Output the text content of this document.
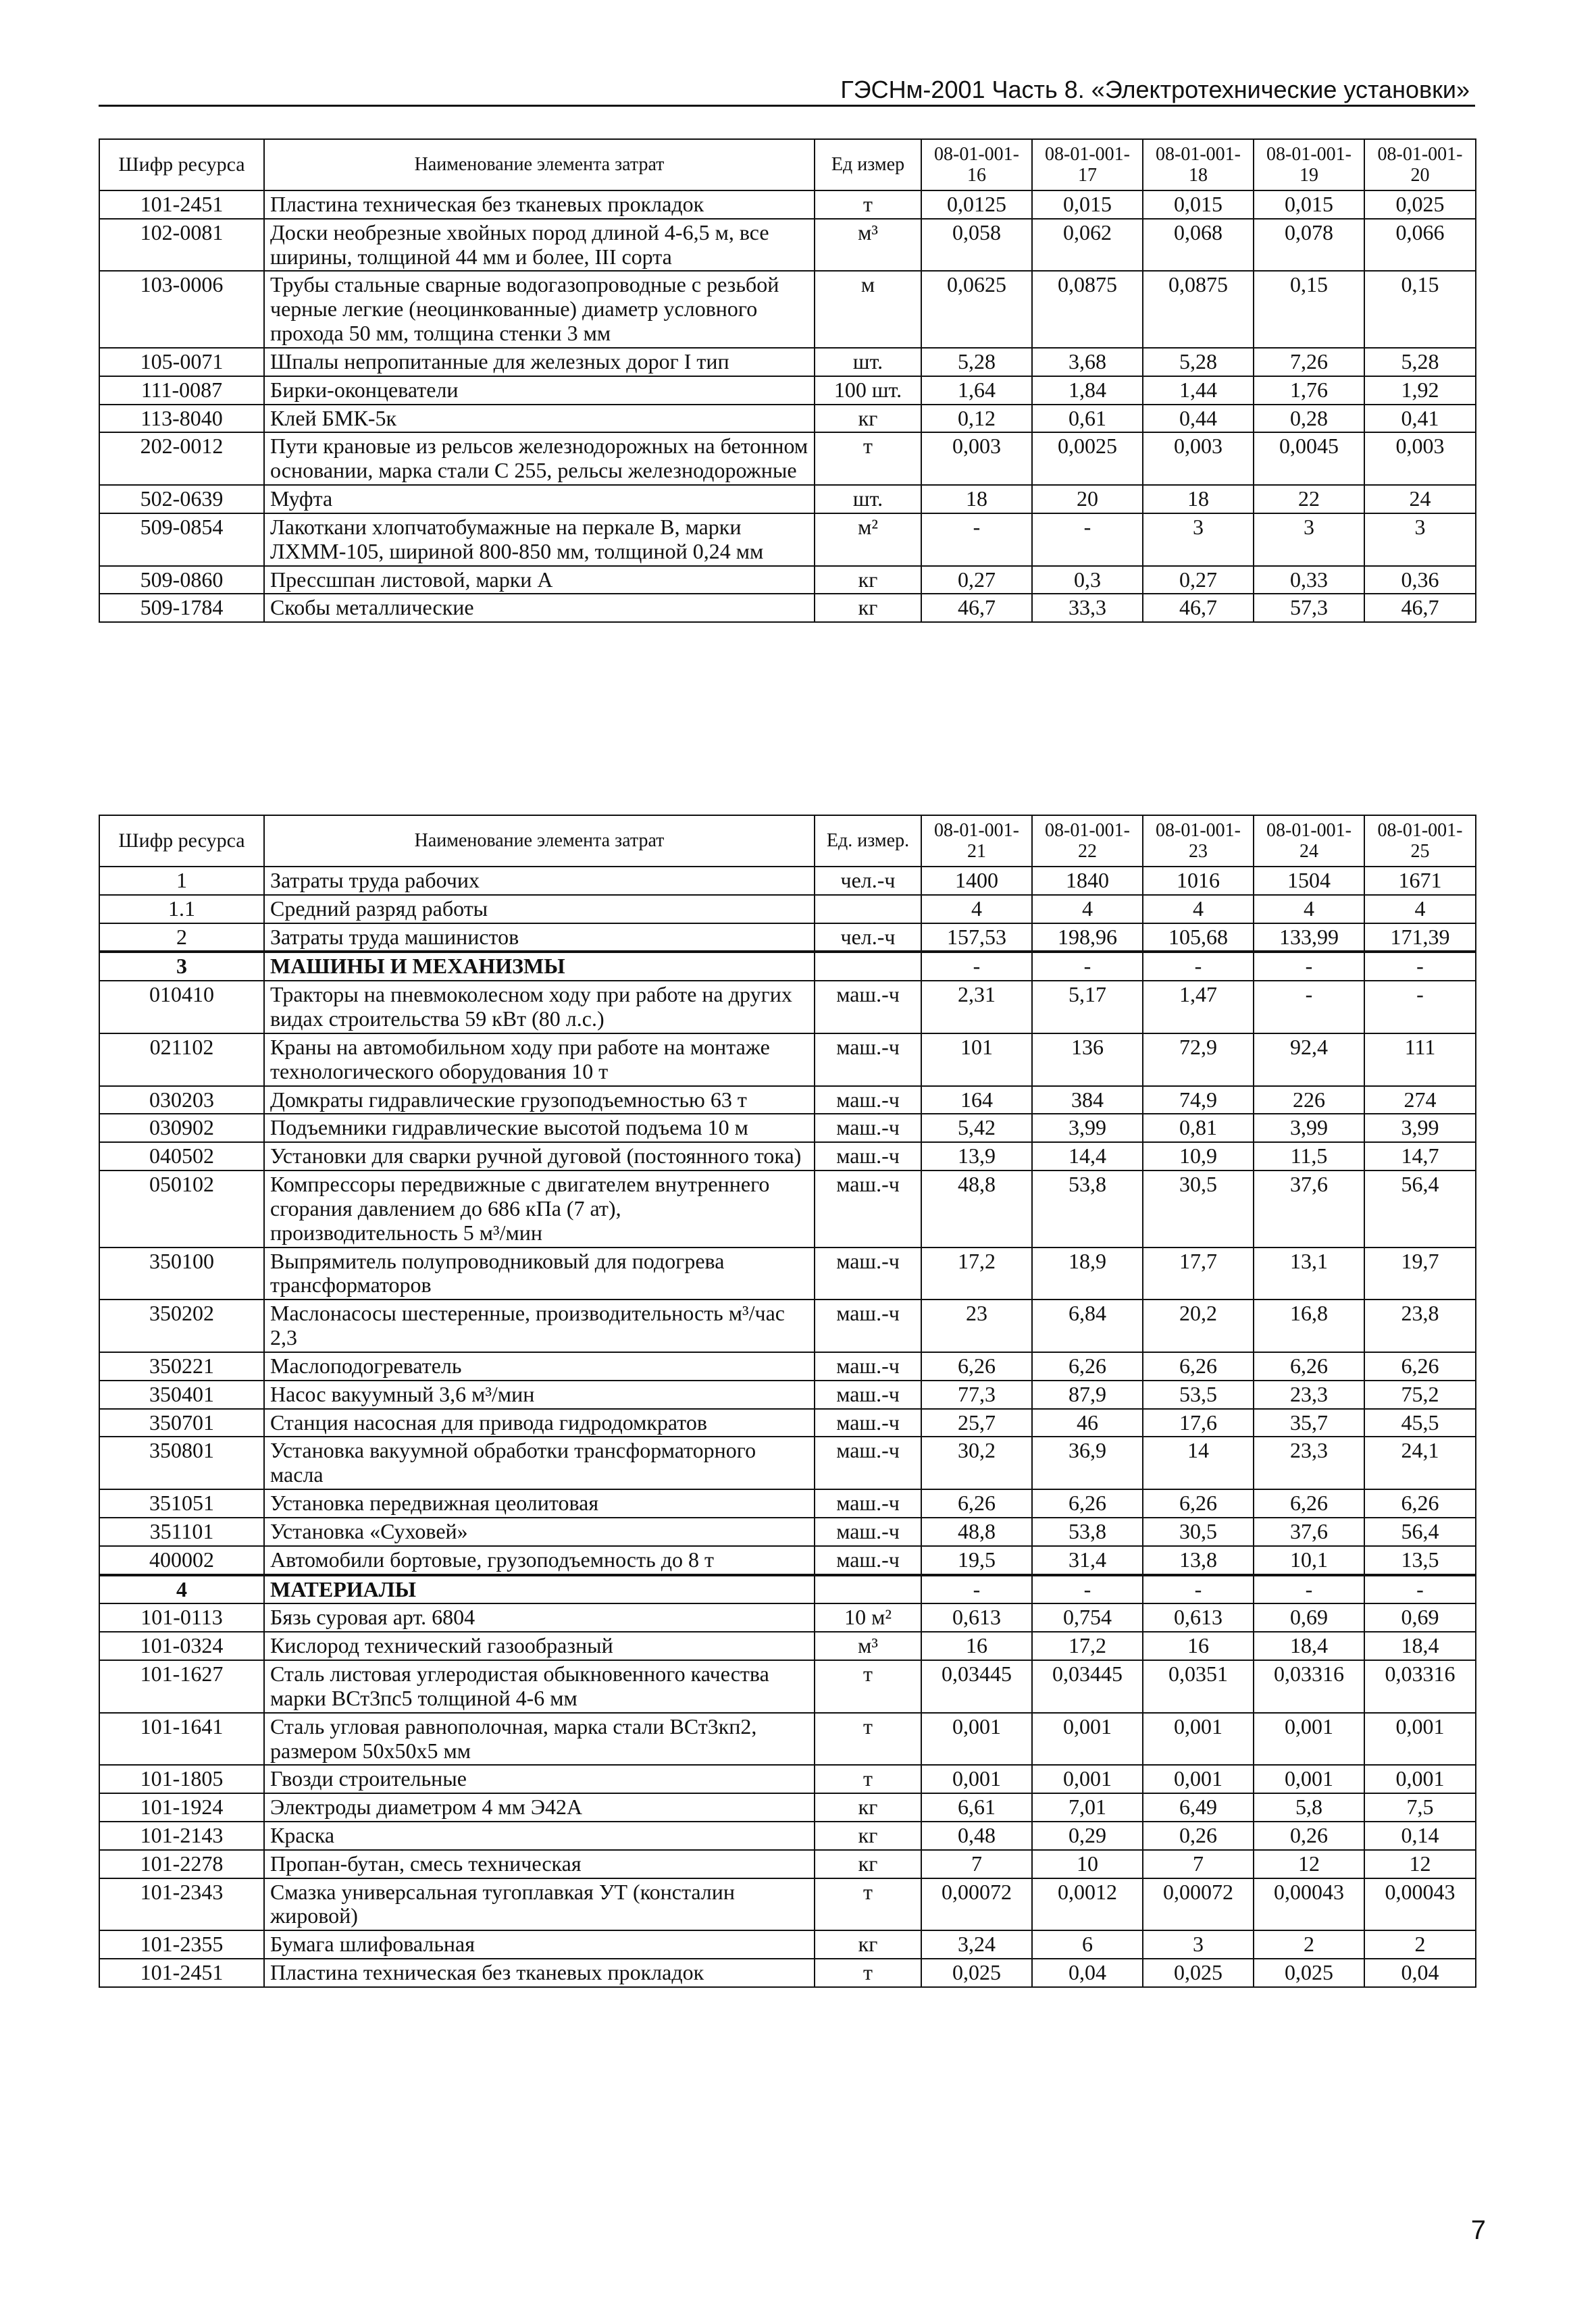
ГЭСНм-2001 Часть 8. «Электротехнические установки»
Шифр ресурса	Наименование элемента затрат	Ед измер	08-01-001-16	08-01-001-17	08-01-001-18	08-01-001-19	08-01-001-20
101-2451	Пластина техническая без тканевых прокладок	т	0,0125	0,015	0,015	0,015	0,025
102-0081	Доски необрезные хвойных пород длиной 4-6,5 м, все ширины, толщиной 44 мм и более, III сорта	м³	0,058	0,062	0,068	0,078	0,066
103-0006	Трубы стальные сварные водогазопроводные с резьбой черные легкие (неоцинкованные) диаметр условного прохода 50 мм, толщина стенки 3 мм	м	0,0625	0,0875	0,0875	0,15	0,15
105-0071	Шпалы непропитанные для железных дорог I тип	шт.	5,28	3,68	5,28	7,26	5,28
111-0087	Бирки-оконцеватели	100 шт.	1,64	1,84	1,44	1,76	1,92
113-8040	Клей БМК-5к	кг	0,12	0,61	0,44	0,28	0,41
202-0012	Пути крановые из рельсов железнодорожных на бетонном основании, марка стали С 255, рельсы железнодорожные	т	0,003	0,0025	0,003	0,0045	0,003
502-0639	Муфта	шт.	18	20	18	22	24
509-0854	Лакоткани хлопчатобумажные на перкале В, марки ЛХММ-105, шириной 800-850 мм, толщиной 0,24 мм	м²	-	-	3	3	3
509-0860	Прессшпан листовой, марки А	кг	0,27	0,3	0,27	0,33	0,36
509-1784	Скобы металлические	кг	46,7	33,3	46,7	57,3	46,7
Шифр ресурса	Наименование элемента затрат	Ед. измер.	08-01-001-21	08-01-001-22	08-01-001-23	08-01-001-24	08-01-001-25
1	Затраты труда рабочих	чел.-ч	1400	1840	1016	1504	1671
1.1	Средний разряд работы		4	4	4	4	4
2	Затраты труда машинистов	чел.-ч	157,53	198,96	105,68	133,99	171,39
3	МАШИНЫ И МЕХАНИЗМЫ		-	-	-	-	-
010410	Тракторы на пневмоколесном ходу при работе на других видах строительства 59 кВт (80 л.с.)	маш.-ч	2,31	5,17	1,47	-	-
021102	Краны на автомобильном ходу при работе на монтаже технологического оборудования 10 т	маш.-ч	101	136	72,9	92,4	111
030203	Домкраты гидравлические грузоподъемностью 63 т	маш.-ч	164	384	74,9	226	274
030902	Подъемники гидравлические высотой подъема 10 м	маш.-ч	5,42	3,99	0,81	3,99	3,99
040502	Установки для сварки ручной дуговой (постоянного тока)	маш.-ч	13,9	14,4	10,9	11,5	14,7
050102	Компрессоры передвижные с двигателем внутреннего сгорания давлением до 686 кПа (7 ат), производительность 5 м³/мин	маш.-ч	48,8	53,8	30,5	37,6	56,4
350100	Выпрямитель полупроводниковый для подогрева трансформаторов	маш.-ч	17,2	18,9	17,7	13,1	19,7
350202	Маслонасосы шестеренные, производительность м³/час 2,3	маш.-ч	23	6,84	20,2	16,8	23,8
350221	Маслоподогреватель	маш.-ч	6,26	6,26	6,26	6,26	6,26
350401	Насос вакуумный 3,6 м³/мин	маш.-ч	77,3	87,9	53,5	23,3	75,2
350701	Станция насосная для привода гидродомкратов	маш.-ч	25,7	46	17,6	35,7	45,5
350801	Установка вакуумной обработки трансформаторного масла	маш.-ч	30,2	36,9	14	23,3	24,1
351051	Установка передвижная цеолитовая	маш.-ч	6,26	6,26	6,26	6,26	6,26
351101	Установка «Суховей»	маш.-ч	48,8	53,8	30,5	37,6	56,4
400002	Автомобили бортовые, грузоподъемность до 8 т	маш.-ч	19,5	31,4	13,8	10,1	13,5
4	МАТЕРИАЛЫ		-	-	-	-	-
101-0113	Бязь суровая арт. 6804	10 м²	0,613	0,754	0,613	0,69	0,69
101-0324	Кислород технический газообразный	м³	16	17,2	16	18,4	18,4
101-1627	Сталь листовая углеродистая обыкновенного качества марки ВСт3пс5 толщиной 4-6 мм	т	0,03445	0,03445	0,0351	0,03316	0,03316
101-1641	Сталь угловая равнополочная, марка стали ВСт3кп2, размером 50х50х5 мм	т	0,001	0,001	0,001	0,001	0,001
101-1805	Гвозди строительные	т	0,001	0,001	0,001	0,001	0,001
101-1924	Электроды диаметром 4 мм Э42А	кг	6,61	7,01	6,49	5,8	7,5
101-2143	Краска	кг	0,48	0,29	0,26	0,26	0,14
101-2278	Пропан-бутан, смесь техническая	кг	7	10	7	12	12
101-2343	Смазка универсальная тугоплавкая УТ (консталин жировой)	т	0,00072	0,0012	0,00072	0,00043	0,00043
101-2355	Бумага шлифовальная	кг	3,24	6	3	2	2
101-2451	Пластина техническая без тканевых прокладок	т	0,025	0,04	0,025	0,025	0,04
7
